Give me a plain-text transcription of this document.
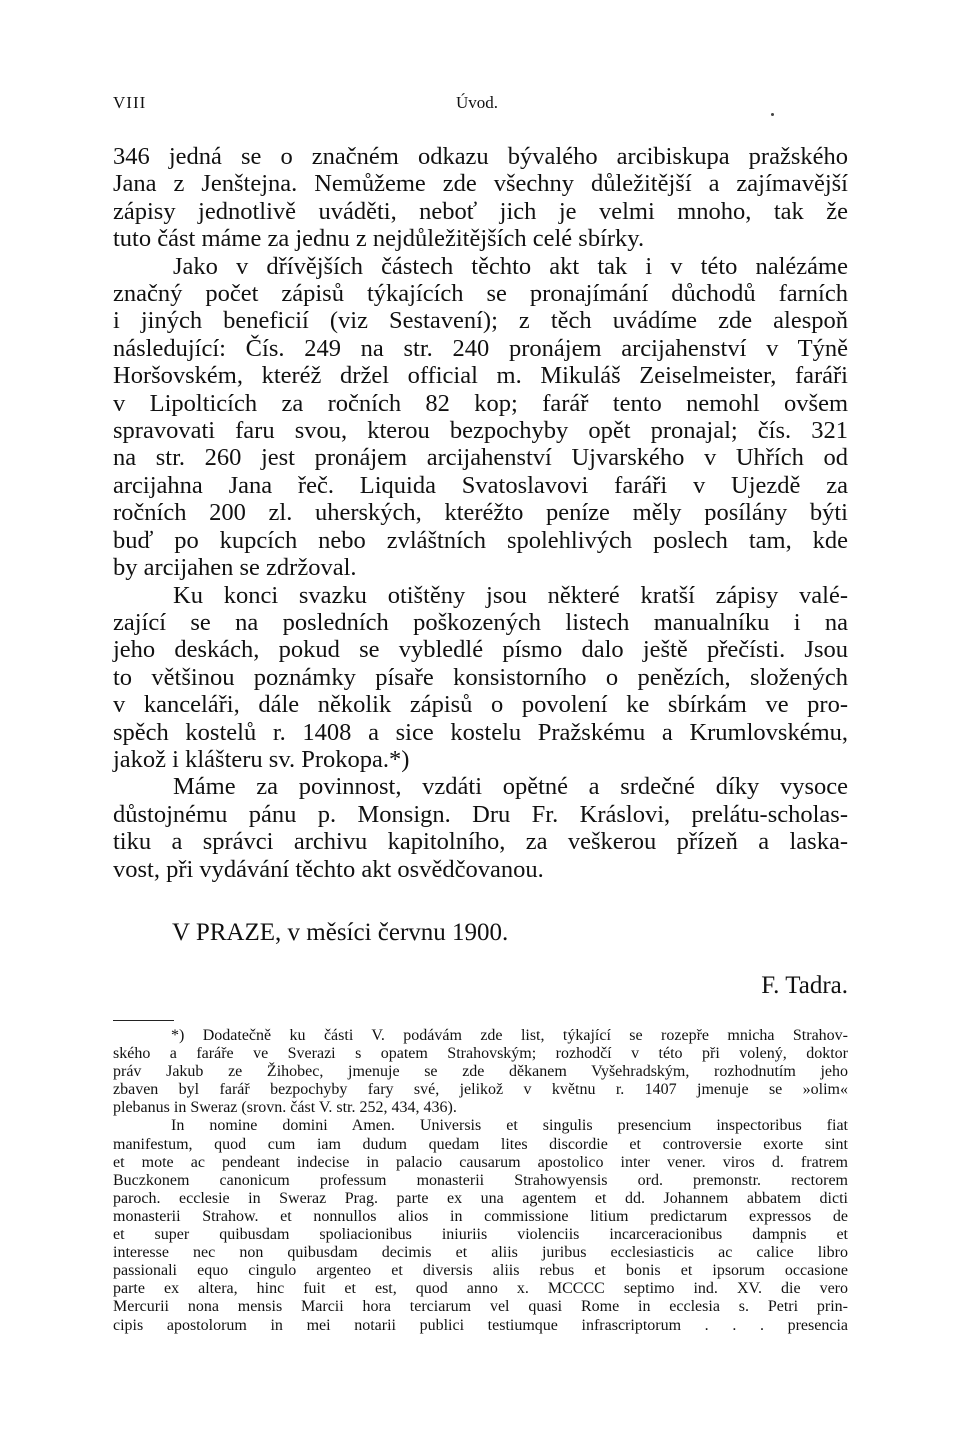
VIII	Úvod.
346 jedná se o značném odkazu bývalého arcibiskupa pražského
Jana z Jenštejna. Nemůžeme zde všechny důležitější a zajímavější
zápisy jednotlivě uváděti, neboť jich je velmi mnoho, tak že
tuto část máme za jednu z nejdůležitějších celé sbírky.
Jako v dřívějších částech těchto akt tak i v této nalézáme
značný počet zápisů týkajících se pronajímání důchodů farních
i jiných beneficií (viz Sestavení); z těch uvádíme zde alespoň
následující: Čís. 249 na str. 240 pronájem arcijahenství v Týně
Horšovském, kteréž držel official m. Mikuláš Zeiselmeister, faráři
v Lipolticích za ročních 82 kop; farář tento nemohl ovšem
spravovati faru svou, kterou bezpochyby opět pronajal; čís. 321
na str. 260 jest pronájem arcijahenství Ujvarského v Uhřích od
arcijahna Jana řeč. Liquida Svatoslavovi faráři v Ujezdě za
ročních 200 zl. uherských, kteréžto peníze měly posílány býti
buď po kupcích nebo zvláštních spolehlivých poslech tam, kde
by arcijahen se zdržoval.
Ku konci svazku otištěny jsou některé kratší zápisy valé-
zající se na posledních poškozených listech manualníku i na
jeho deskách, pokud se vybledlé písmo dalo ještě přečísti. Jsou
to většinou poznámky písaře konsistorního o penězích, složených
v kanceláři, dále několik zápisů o povolení ke sbírkám ve pro-
spěch kostelů r. 1408 a sice kostelu Pražskému a Krumlovskému,
jakož i klášteru sv. Prokopa.*)
Máme za povinnost, vzdáti opětné a srdečné díky vysoce
důstojnému pánu p. Monsign. Dru Fr. Kráslovi, prelátu-scholas-
tiku a správci archivu kapitolního, za veškerou přízeň a laska-
vost, při vydávání těchto akt osvědčovanou.
V PRAZE, v měsíci červnu 1900.
F. Tadra.
*) Dodatečně ku části V. podávám zde list, týkající se rozepře mnicha Strahov-
ského a faráře ve Sverazi s opatem Strahovským; rozhodčí v této při volený, doktor
práv Jakub ze Žihobec, jmenuje se zde děkanem Vyšehradským, rozhodnutím jeho
zbaven byl farář bezpochyby fary své, jelikož v květnu r. 1407 jmenuje se »olim«
plebanus in Sweraz (srovn. část V. str. 252, 434, 436).
In nomine domini Amen. Universis et singulis presencium inspectoribus fiat
manifestum, quod cum iam dudum quedam lites discordie et controversie exorte sint
et mote ac pendeant indecise in palacio causarum apostolico inter vener. viros d. fratrem
Buczkonem canonicum professum monasterii Strahowyensis ord. premonstr. rectorem
paroch. ecclesie in Sweraz Prag. parte ex una agentem et dd. Johannem abbatem dicti
monasterii Strahow. et nonnullos alios in commissione litium predictarum expressos de
et super quibusdam spoliacionibus iniuriis violenciis incarceracionibus dampnis et
interesse nec non quibusdam decimis et aliis juribus ecclesiasticis ac calice libro
passionali equo cingulo argenteo et diversis aliis rebus et bonis et ipsorum occasione
parte ex altera, hinc fuit et est, quod anno x. MCCCC septimo ind. XV. die vero
Mercurii nona mensis Marcii hora terciarum vel quasi Rome in ecclesia s. Petri prin-
cipis apostolorum in mei notarii publici testiumque infrascriptorum . . . presencia
